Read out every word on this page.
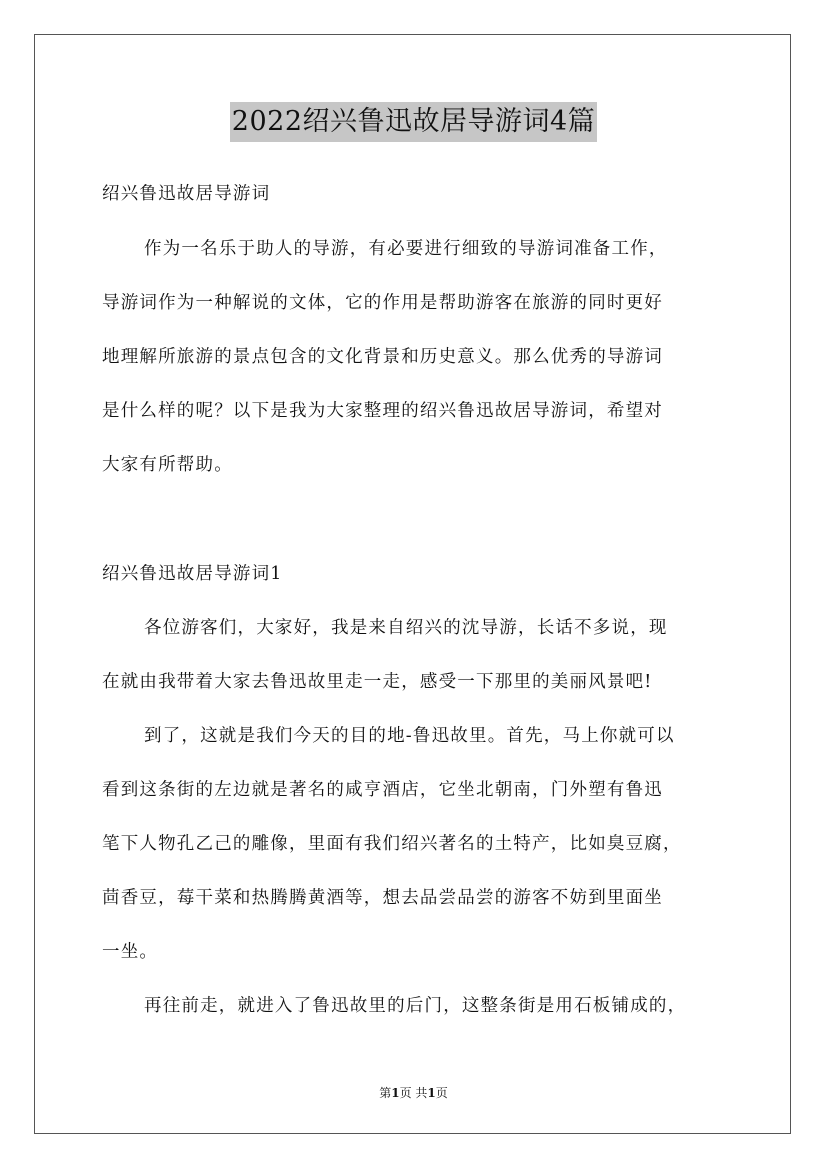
2022绍兴鲁迅故居导游词4篇
绍兴鲁迅故居导游词
作为一名乐于助人的导游，有必要进行细致的导游词准备工作，
导游词作为一种解说的文体，它的作用是帮助游客在旅游的同时更好
地理解所旅游的景点包含的文化背景和历史意义。那么优秀的导游词
是什么样的呢？以下是我为大家整理的绍兴鲁迅故居导游词，希望对
大家有所帮助。
绍兴鲁迅故居导游词1
各位游客们，大家好，我是来自绍兴的沈导游，长话不多说，现
在就由我带着大家去鲁迅故里走一走，感受一下那里的美丽风景吧!
到了，这就是我们今天的目的地-鲁迅故里。首先，马上你就可以
看到这条街的左边就是著名的咸亨酒店，它坐北朝南，门外塑有鲁迅
笔下人物孔乙己的雕像，里面有我们绍兴著名的土特产，比如臭豆腐，
茴香豆，莓干菜和热腾腾黄酒等，想去品尝品尝的游客不妨到里面坐
一坐。
再往前走，就进入了鲁迅故里的后门，这整条街是用石板铺成的，
第1页 共1页
